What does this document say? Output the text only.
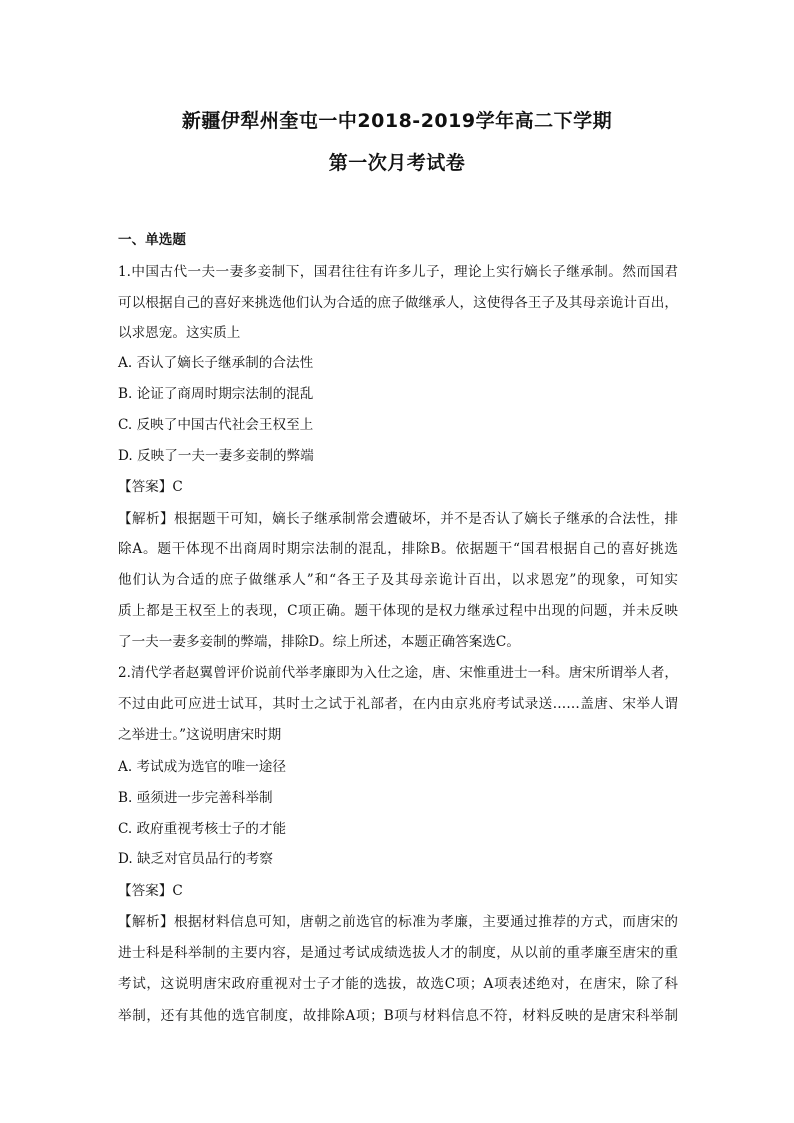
新疆伊犁州奎屯一中2018-2019学年高二下学期
第一次月考试卷
一、单选题
1.中国古代一夫一妻多妾制下，国君往往有许多儿子，理论上实行嫡长子继承制。然而国君
可以根据自己的喜好来挑选他们认为合适的庶子做继承人，这使得各王子及其母亲诡计百出，
以求恩宠。这实质上
A. 否认了嫡长子继承制的合法性
B. 论证了商周时期宗法制的混乱
C. 反映了中国古代社会王权至上
D. 反映了一夫一妻多妾制的弊端
【答案】C
【解析】根据题干可知，嫡长子继承制常会遭破坏，并不是否认了嫡长子继承的合法性，排
除A。题干体现不出商周时期宗法制的混乱，排除B。依据题干“国君根据自己的喜好挑选
他们认为合适的庶子做继承人”和“各王子及其母亲诡计百出，以求恩宠”的现象，可知实
质上都是王权至上的表现，C项正确。题干体现的是权力继承过程中出现的问题，并未反映
了一夫一妻多妾制的弊端，排除D。综上所述，本题正确答案选C。
2.清代学者赵翼曾评价说前代举孝廉即为入仕之途，唐、宋惟重进士一科。唐宋所谓举人者，
不过由此可应进士试耳，其时士之试于礼部者，在内由京兆府考试录送……盖唐、宋举人谓
之举进士。”这说明唐宋时期
A. 考试成为选官的唯一途径
B. 亟须进一步完善科举制
C. 政府重视考核士子的才能
D. 缺乏对官员品行的考察
【答案】C
【解析】根据材料信息可知，唐朝之前选官的标准为孝廉，主要通过推荐的方式，而唐宋的
进士科是科举制的主要内容，是通过考试成绩选拔人才的制度，从以前的重孝廉至唐宋的重
考试，这说明唐宋政府重视对士子才能的选拔，故选C项；A项表述绝对，在唐宋，除了科
举制，还有其他的选官制度，故排除A项；B项与材料信息不符，材料反映的是唐宋科举制
